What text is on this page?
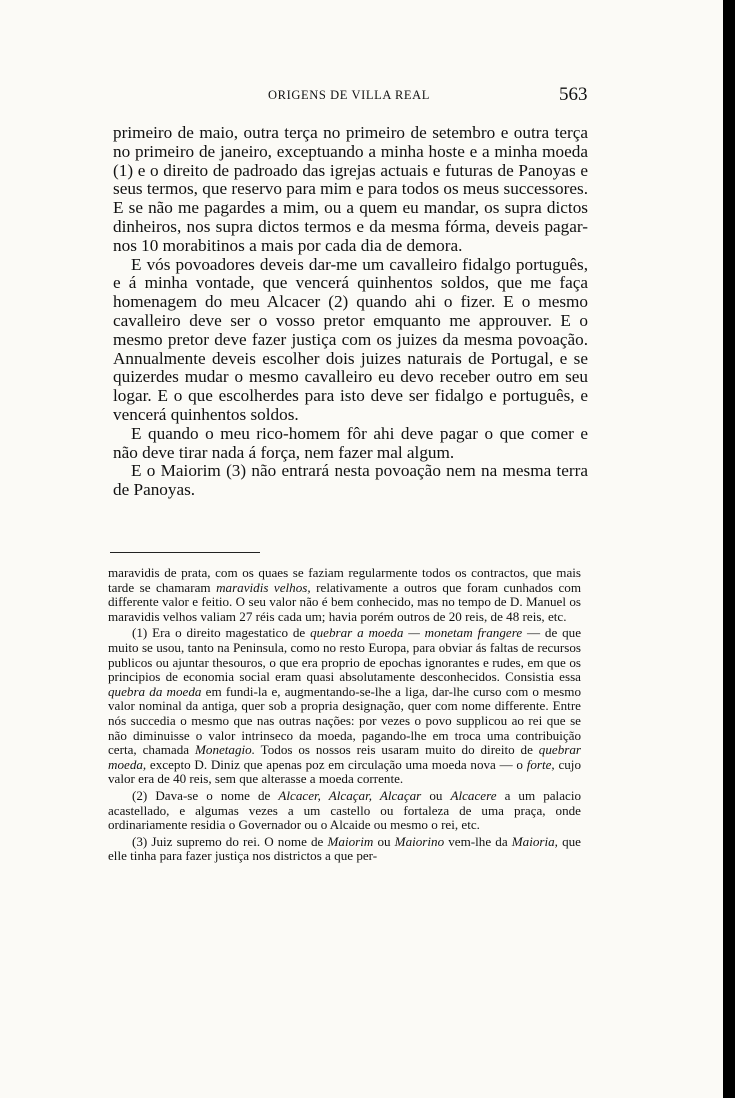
ORIGENS DE VILLA REAL	563

primeiro de maio, outra terça no primeiro de setembro e outra terça no primeiro de janeiro, exceptuando a minha hoste e a minha moeda (1) e o direito de padroado das igrejas actuais e futuras de Panoyas e seus termos, que reservo para mim e para todos os meus successores. E se não me pagardes a mim, ou a quem eu mandar, os supra dictos dinheiros, nos supra dictos termos e da mesma fórma, deveis pagar-nos 10 morabitinos a mais por cada dia de demora.

E vós povoadores deveis dar-me um cavalleiro fidalgo português, e á minha vontade, que vencerá quinhentos soldos, que me faça homenagem do meu Alcacer (2) quando ahi o fizer. E o mesmo cavalleiro deve ser o vosso pretor emquanto me approuver. E o mesmo pretor deve fazer justiça com os juizes da mesma povoação. Annualmente deveis escolher dois juizes naturais de Portugal, e se quizerdes mudar o mesmo cavalleiro eu devo receber outro em seu logar. E o que escolherdes para isto deve ser fidalgo e português, e vencerá quinhentos soldos.

E quando o meu rico-homem fôr ahi deve pagar o que comer e não deve tirar nada á força, nem fazer mal algum.

E o Maiorim (3) não entrará nesta povoação nem na mesma terra de Panoyas.

maravidis de prata, com os quaes se faziam regularmente todos os contractos, que mais tarde se chamaram maravidis velhos, relativamente a outros que foram cunhados com differente valor e feitio. O seu valor não é bem conhecido, mas no tempo de D. Manuel os maravidis velhos valiam 27 réis cada um; havia porém outros de 20 reis, de 48 reis, etc.

(1) Era o direito magestatico de quebrar a moeda — monetam frangere — de que muito se usou, tanto na Peninsula, como no resto Europa, para obviar ás faltas de recursos publicos ou ajuntar thesouros, o que era proprio de epochas ignorantes e rudes, em que os principios de economia social eram quasi absolutamente desconhecidos. Consistia essa quebra da moeda em fundi-la e, augmentando-se-lhe a liga, dar-lhe curso com o mesmo valor nominal da antiga, quer sob a propria designação, quer com nome differente. Entre nós succedia o mesmo que nas outras nações: por vezes o povo supplicou ao rei que se não diminuisse o valor intrinseco da moeda, pagando-lhe em troca uma contribuição certa, chamada Monetagio. Todos os nossos reis usaram muito do direito de quebrar moeda, excepto D. Diniz que apenas poz em circulação uma moeda nova — o forte, cujo valor era de 40 reis, sem que alterasse a moeda corrente.

(2) Dava-se o nome de Alcacer, Alcaçar, Alcaçar ou Alcacere a um palacio acastellado, e algumas vezes a um castello ou fortaleza de uma praça, onde ordinariamente residia o Governador ou o Alcaide ou mesmo o rei, etc.

(3) Juiz supremo do rei. O nome de Maiorim ou Maiorino vem-lhe da Maioria, que elle tinha para fazer justiça nos districtos a que per-
